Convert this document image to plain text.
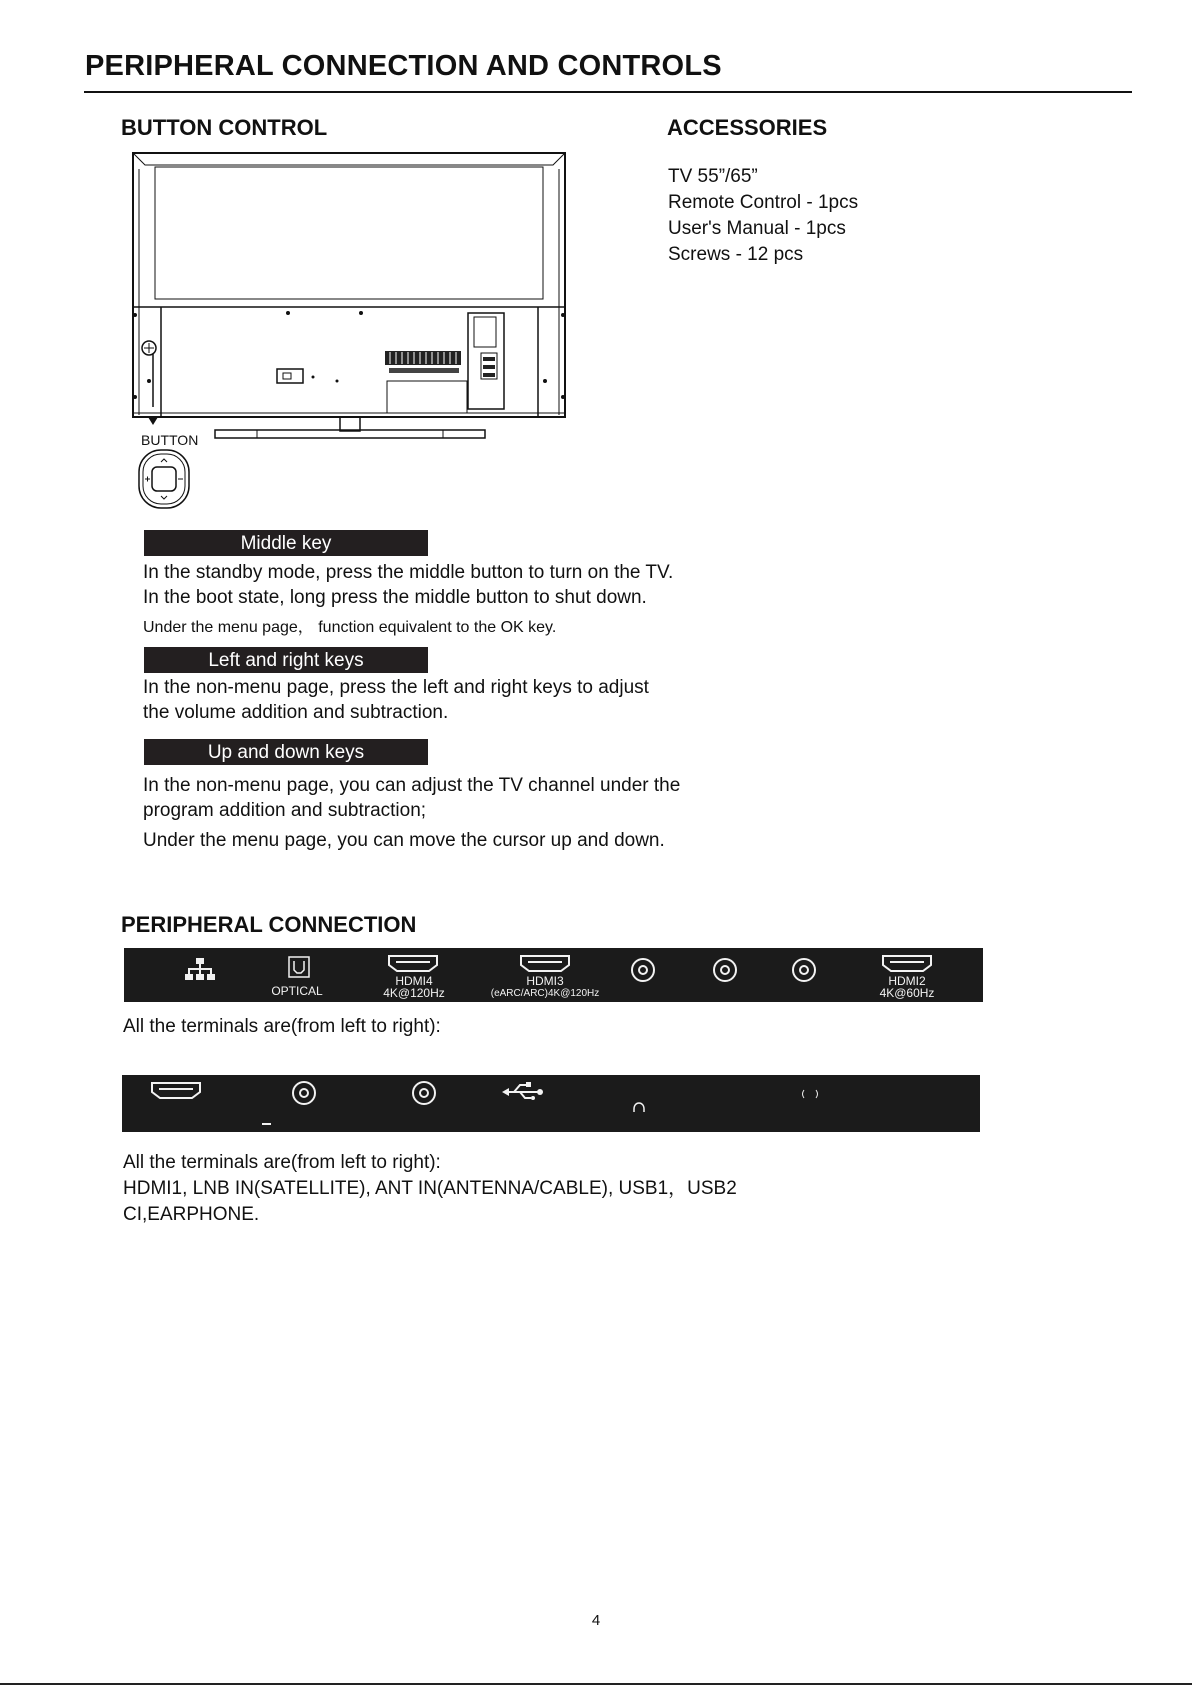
PERIPHERAL CONNECTION AND CONTROLS
BUTTON CONTROL
BUTTON
ACCESSORIES
TV 55”/65”
Remote Control - 1pcs
User's Manual - 1pcs
Screws - 12 pcs
Middle key
In the standby mode, press the middle button to turn on the TV.
In the boot state, long press the middle button to shut down.
Under the menu page， function equivalent to the OK key.
Left and right keys
In the non-menu page, press the left and right keys to adjust
the volume addition and subtraction.
Up and down keys
In the non-menu page, you can adjust the TV channel under the
program addition and subtraction;
Under the menu page, you can move the cursor up and down.
PERIPHERAL CONNECTION
OPTICAL
HDMI4
4K@120Hz
HDMI3
(eARC/ARC)4K@120Hz
HDMI2
4K@60Hz
All the terminals are(from left to right):
All the terminals are(from left to right):
HDMI1, LNB IN(SATELLITE), ANT IN(ANTENNA/CABLE), USB1，USB2
CI,EARPHONE.
4
